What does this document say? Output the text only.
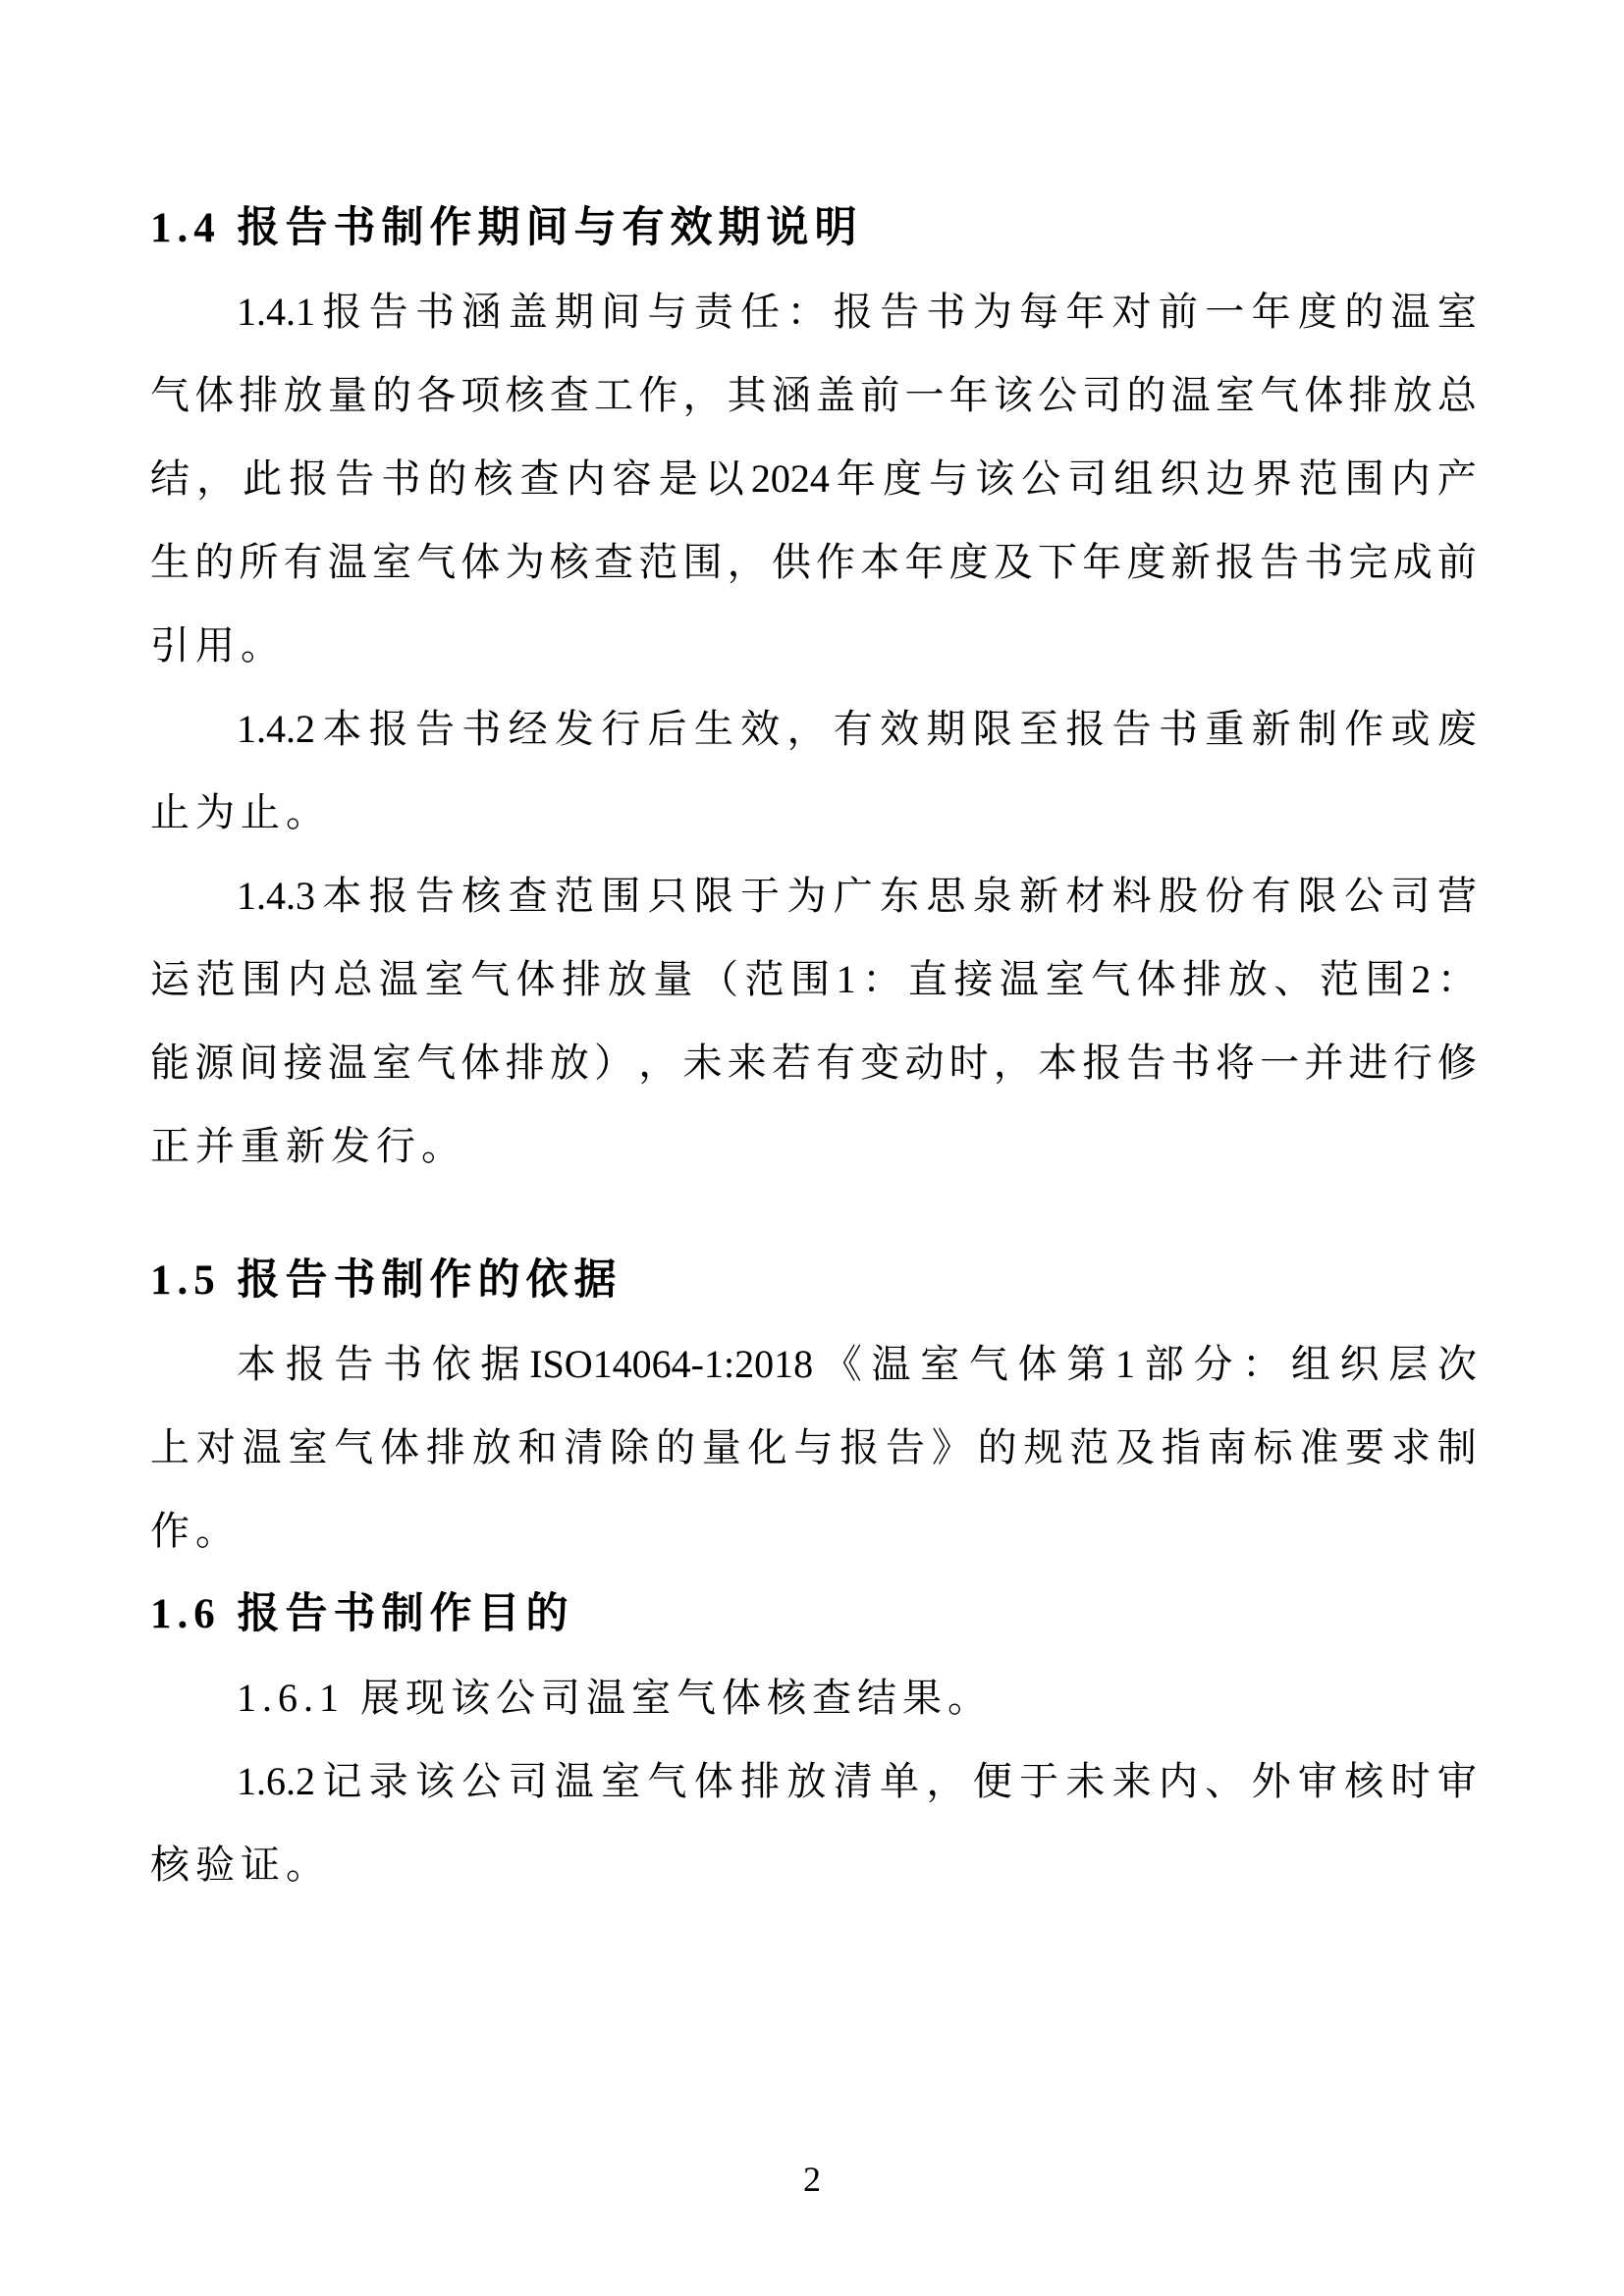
1.4 报告书制作期间与有效期说明
1.4.1 报 告 书 涵 盖 期 间 与 责 任 ： 报 告 书 为 每 年 对 前 一 年 度 的 温 室
气 体 排 放 量 的 各 项 核 查 工 作 ， 其 涵 盖 前 一 年 该 公 司 的 温 室 气 体 排 放 总
结 ， 此 报 告 书 的 核 查 内 容 是 以 2024 年 度 与 该 公 司 组 织 边 界 范 围 内 产
生 的 所 有 温 室 气 体 为 核 查 范 围 ， 供 作 本 年 度 及 下 年 度 新 报 告 书 完 成 前
引用。
1.4.2 本 报 告 书 经 发 行 后 生 效 ， 有 效 期 限 至 报 告 书 重 新 制 作 或 废
止为止。
1.4.3 本 报 告 核 查 范 围 只 限 于 为 广 东 思 泉 新 材 料 股 份 有 限 公 司 营
运 范 围 内 总 温 室 气 体 排 放 量 （ 范 围 1 ： 直 接 温 室 气 体 排 放 、 范 围 2 ：
能 源 间 接 温 室 气 体 排 放 ） ， 未 来 若 有 变 动 时 ， 本 报 告 书 将 一 并 进 行 修
正并重新发行。
1.5 报告书制作的依据
本 报 告 书 依 据 ISO14064-1:2018 《 温 室 气 体 第 1 部 分 ： 组 织 层 次
上 对 温 室 气 体 排 放 和 清 除 的 量 化 与 报 告 》 的 规 范 及 指 南 标 准 要 求 制
作。
1.6 报告书制作目的
1.6.1 展现该公司温室气体核查结果。
1.6.2 记 录 该 公 司 温 室 气 体 排 放 清 单 ， 便 于 未 来 内 、 外 审 核 时 审
核验证。
2
